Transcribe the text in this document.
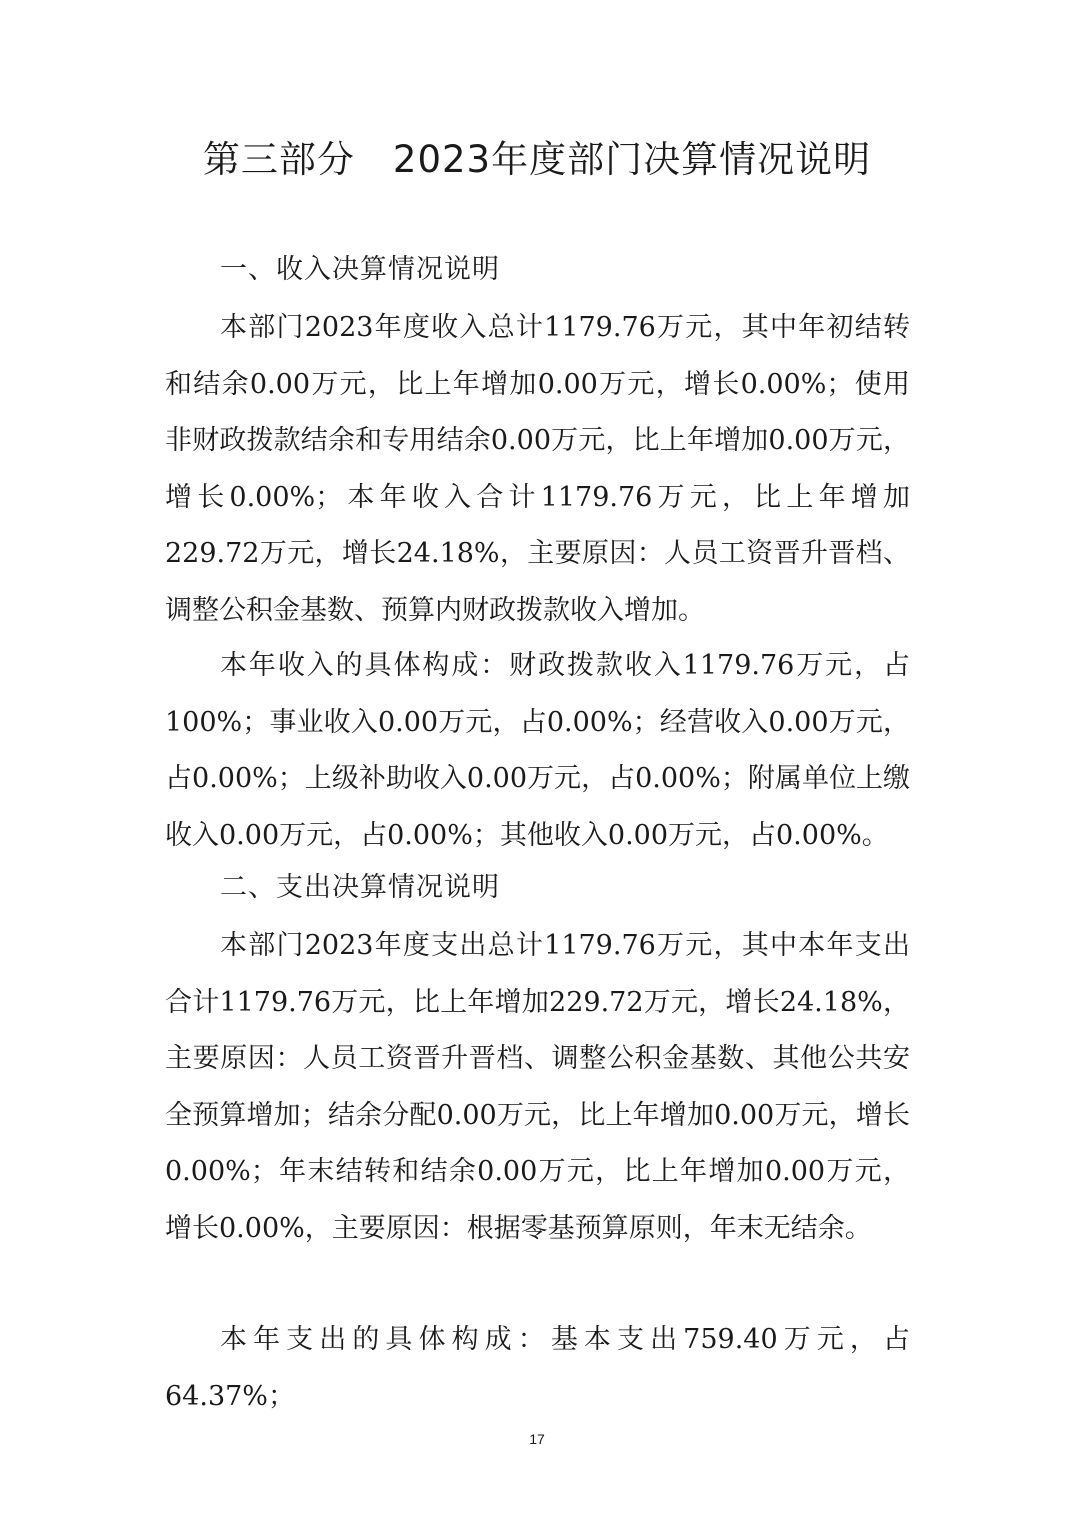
第三部分　2023年度部门决算情况说明
一、收入决算情况说明

本部门2023年度收入总计1179.76万元，其中年初结转和结余0.00万元，比上年增加0.00万元，增长0.00%；使用非财政拨款结余和专用结余0.00万元，比上年增加0.00万元，增长0.00%；本年收入合计1179.76万元，比上年增加229.72万元，增长24.18%，主要原因：人员工资晋升晋档、调整公积金基数、预算内财政拨款收入增加。

本年收入的具体构成：财政拨款收入1179.76万元，占100%；事业收入0.00万元，占0.00%；经营收入0.00万元，占0.00%；上级补助收入0.00万元，占0.00%；附属单位上缴收入0.00万元，占0.00%；其他收入0.00万元，占0.00%。

二、支出决算情况说明

本部门2023年度支出总计1179.76万元，其中本年支出合计1179.76万元，比上年增加229.72万元，增长24.18%，主要原因：人员工资晋升晋档、调整公积金基数、其他公共安全预算增加；结余分配0.00万元，比上年增加0.00万元，增长0.00%；年末结转和结余0.00万元，比上年增加0.00万元，增长0.00%，主要原因：根据零基预算原则，年末无结余。

本年支出的具体构成：基本支出759.40万元，占64.37%；

17
